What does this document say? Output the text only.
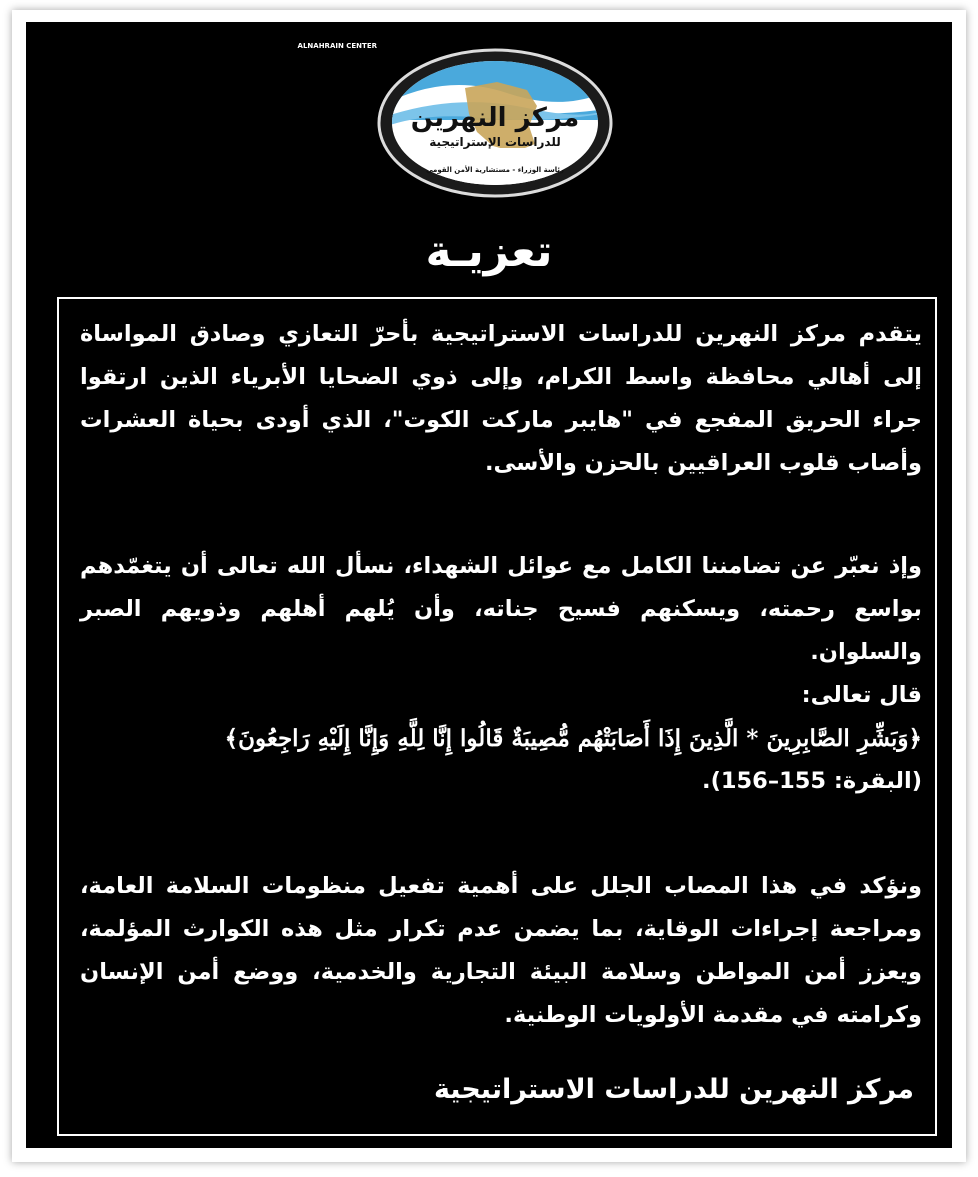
ALNAHRAIN CENTER
مركز النهرين
للدراسات الإستراتيجية
رئاسة الوزراء - مستشارية الأمن القومي
تعزيـة

يتقدم مركز النهرين للدراسات الاستراتيجية بأحرّ التعازي وصادق المواساة إلى أهالي محافظة واسط الكرام، وإلى ذوي الضحايا الأبرياء الذين ارتقوا جراء الحريق المفجع في "هايبر ماركت الكوت"، الذي أودى بحياة العشرات وأصاب قلوب العراقيين بالحزن والأسى.

وإذ نعبّر عن تضامننا الكامل مع عوائل الشهداء، نسأل الله تعالى أن يتغمّدهم بواسع رحمته، ويسكنهم فسيح جناته، وأن يُلهم أهلهم وذويهم الصبر والسلوان.

قال تعالى:

﴿وَبَشِّرِ الصَّابِرِينَ * الَّذِينَ إِذَا أَصَابَتْهُم مُّصِيبَةٌ قَالُوا إِنَّا لِلَّهِ وَإِنَّا إِلَيْهِ رَاجِعُونَ﴾

(البقرة: 155–156).

ونؤكد في هذا المصاب الجلل على أهمية تفعيل منظومات السلامة العامة، ومراجعة إجراءات الوقاية، بما يضمن عدم تكرار مثل هذه الكوارث المؤلمة، ويعزز أمن المواطن وسلامة البيئة التجارية والخدمية، ووضع أمن الإنسان وكرامته في مقدمة الأولويات الوطنية.

مركز النهرين للدراسات الاستراتيجية
